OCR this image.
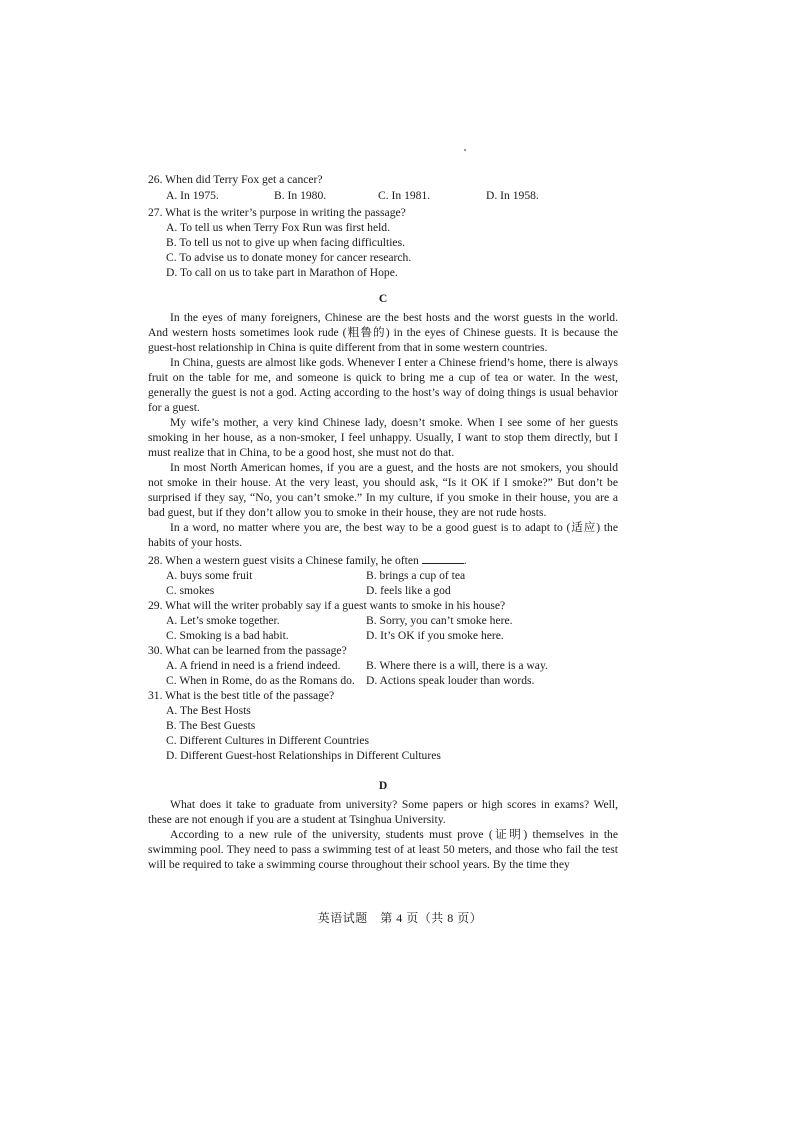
26. When did Terry Fox get a cancer?

A. In 1975.	B. In 1980.	C. In 1981.	D. In 1958.

27. What is the writer’s purpose in writing the passage?

A. To tell us when Terry Fox Run was first held.

B. To tell us not to give up when facing difficulties.

C. To advise us to donate money for cancer research.

D. To call on us to take part in Marathon of Hope.

C

In the eyes of many foreigners, Chinese are the best hosts and the worst guests in the world. And western hosts sometimes look rude (粗鲁的) in the eyes of Chinese guests. It is because the guest-host relationship in China is quite different from that in some western countries.

In China, guests are almost like gods. Whenever I enter a Chinese friend’s home, there is always fruit on the table for me, and someone is quick to bring me a cup of tea or water. In the west, generally the guest is not a god. Acting according to the host’s way of doing things is usual behavior for a guest.

My wife’s mother, a very kind Chinese lady, doesn’t smoke. When I see some of her guests smoking in her house, as a non-smoker, I feel unhappy. Usually, I want to stop them directly, but I must realize that in China, to be a good host, she must not do that.

In most North American homes, if you are a guest, and the hosts are not smokers, you should not smoke in their house. At the very least, you should ask, “Is it OK if I smoke?” But don’t be surprised if they say, “No, you can’t smoke.” In my culture, if you smoke in their house, you are a bad guest, but if they don’t allow you to smoke in their house, they are not rude hosts.

In a word, no matter where you are, the best way to be a good guest is to adapt to (适应) the habits of your hosts.

28. When a western guest visits a Chinese family, he often	.

A. buys some fruit	B. brings a cup of tea
C. smokes	D. feels like a god

29. What will the writer probably say if a guest wants to smoke in his house?

A. Let’s smoke together.	B. Sorry, you can’t smoke here.
C. Smoking is a bad habit.	D. It’s OK if you smoke here.

30. What can be learned from the passage?

A. A friend in need is a friend indeed.	B. Where there is a will, there is a way.
C. When in Rome, do as the Romans do. D. Actions speak louder than words.

31. What is the best title of the passage?

A. The Best Hosts

B. The Best Guests

C. Different Cultures in Different Countries

D. Different Guest-host Relationships in Different Cultures

D

What does it take to graduate from university? Some papers or high scores in exams? Well, these are not enough if you are a student at Tsinghua University.

According to a new rule of the university, students must prove (证明) themselves in the swimming pool. They need to pass a swimming test of at least 50 meters, and those who fail the test will be required to take a swimming course throughout their school years. By the time they

英语试题　第 4 页（共 8 页）
